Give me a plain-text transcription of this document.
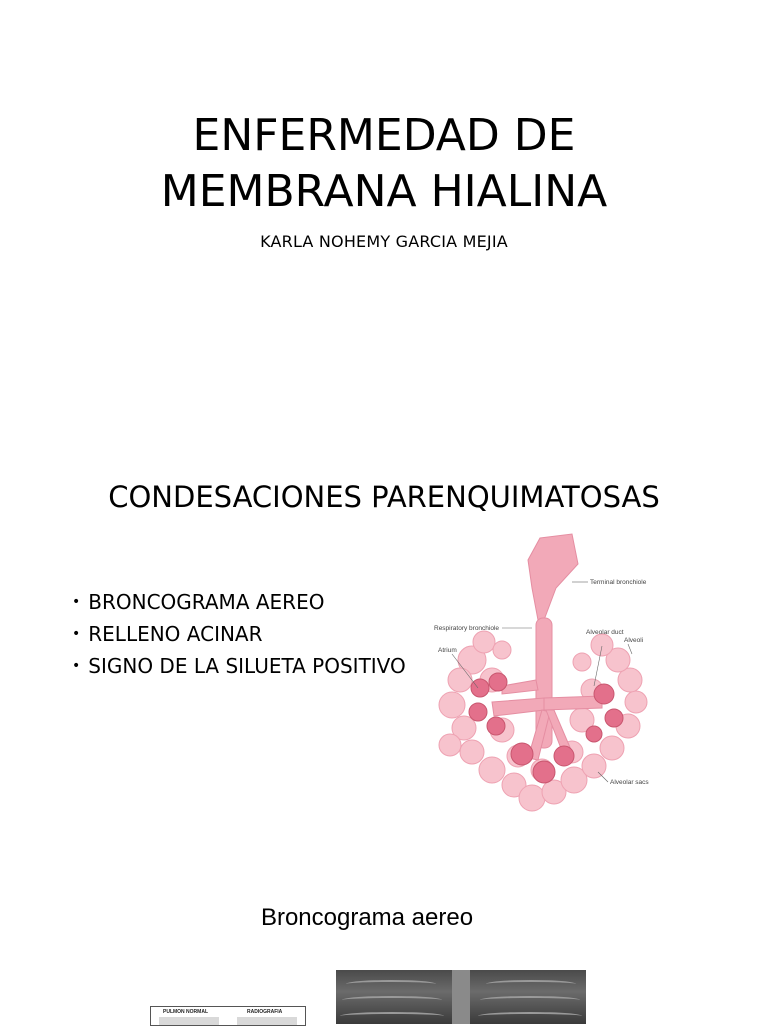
ENFERMEDAD DE
MEMBRANA HIALINA
KARLA NOHEMY GARCIA MEJIA
CONDESACIONES PARENQUIMATOSAS
• BRONCOGRAMA AEREO
• RELLENO ACINAR
• SIGNO DE LA SILUETA POSITIVO
Terminal bronchiole
Respiratory bronchiole
Atrium
Alveolar duct
Alveoli
Alveolar sacs
Broncograma aereo
PULMON NORMAL	RADIOGRAFIA
